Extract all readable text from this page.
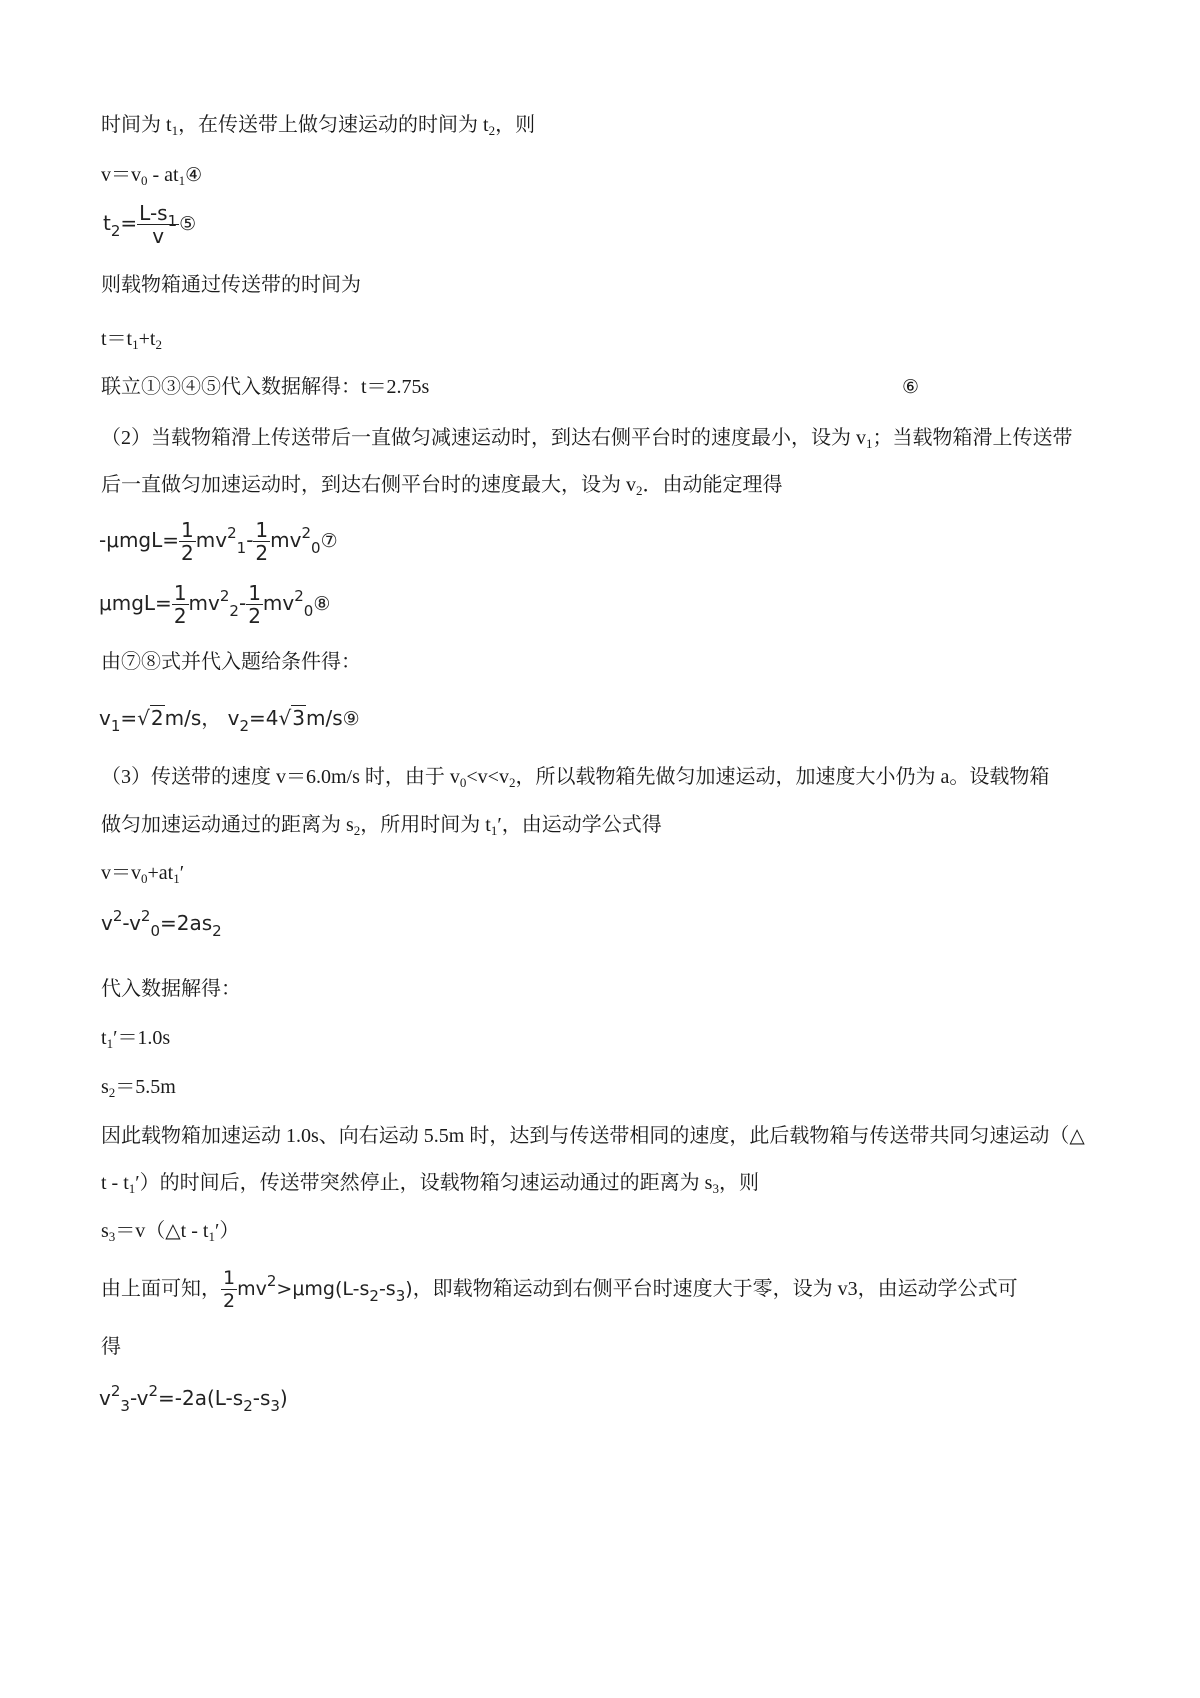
时间为 $t_1$，在传送带上做匀速运动的时间为 $t_2$，则
$v=v_0$ - $at_1④$
$t_2= \frac{L-s_1}{v}$ ⑤
则载物箱通过传送带的时间为
$t=t_1+t_2$
联立①③④⑤代入数据解得：t＝2.75s	⑥
（2）当载物箱滑上传送带后一直做匀减速运动时，到达右侧平台时的速度最小，设为 $v_1$；当载物箱滑上传送带
后一直做匀加速运动时，到达右侧平台时的速度最大，设为 $v_2$．由动能定理得
$-\mu mgL= \frac{1}{2} mv^2_1- \frac{1}{2}$ $mv^2_0⑦$
$\mu mgL= \frac{1}{2} mv^2_2- \frac{1}{2}$ $mv^2_0⑧$
由⑦⑧式并代入题给条件得：
$v_1=√2m/s$， $v_2=4√3m/s⑨$
（3）传送带的速度 v＝6.0m/s 时，由于 $v_0<v<v_2$，所以载物箱先做匀加速运动，加速度大小仍为 a。设载物箱
做匀加速运动通过的距离为 $s_2$，所用时间为 $t_1'$，由运动学公式得
$v=v_0+at_1'$
$v^2-v^2_0=2as_2$
代入数据解得：
$t_1'=1.0s$
$s_2=5.5m$
因此载物箱加速运动 1.0s、向右运动 5.5m 时，达到与传送带相同的速度，此后载物箱与传送带共同匀速运动（△
t - $t_1'$）的时间后，传送带突然停止，设载物箱匀速运动通过的距离为 $s_3$，则
$s_3=v(\triangle t - t_1')$
由上面可知， $\frac{1}{2} mv^2>\mu mg(L-s_2-s_3)$，即载物箱运动到右侧平台时速度大于零，设为 v3，由运动学公式可
得
$v^2_3-v^2=-2a(L-s_2-s_3)$
